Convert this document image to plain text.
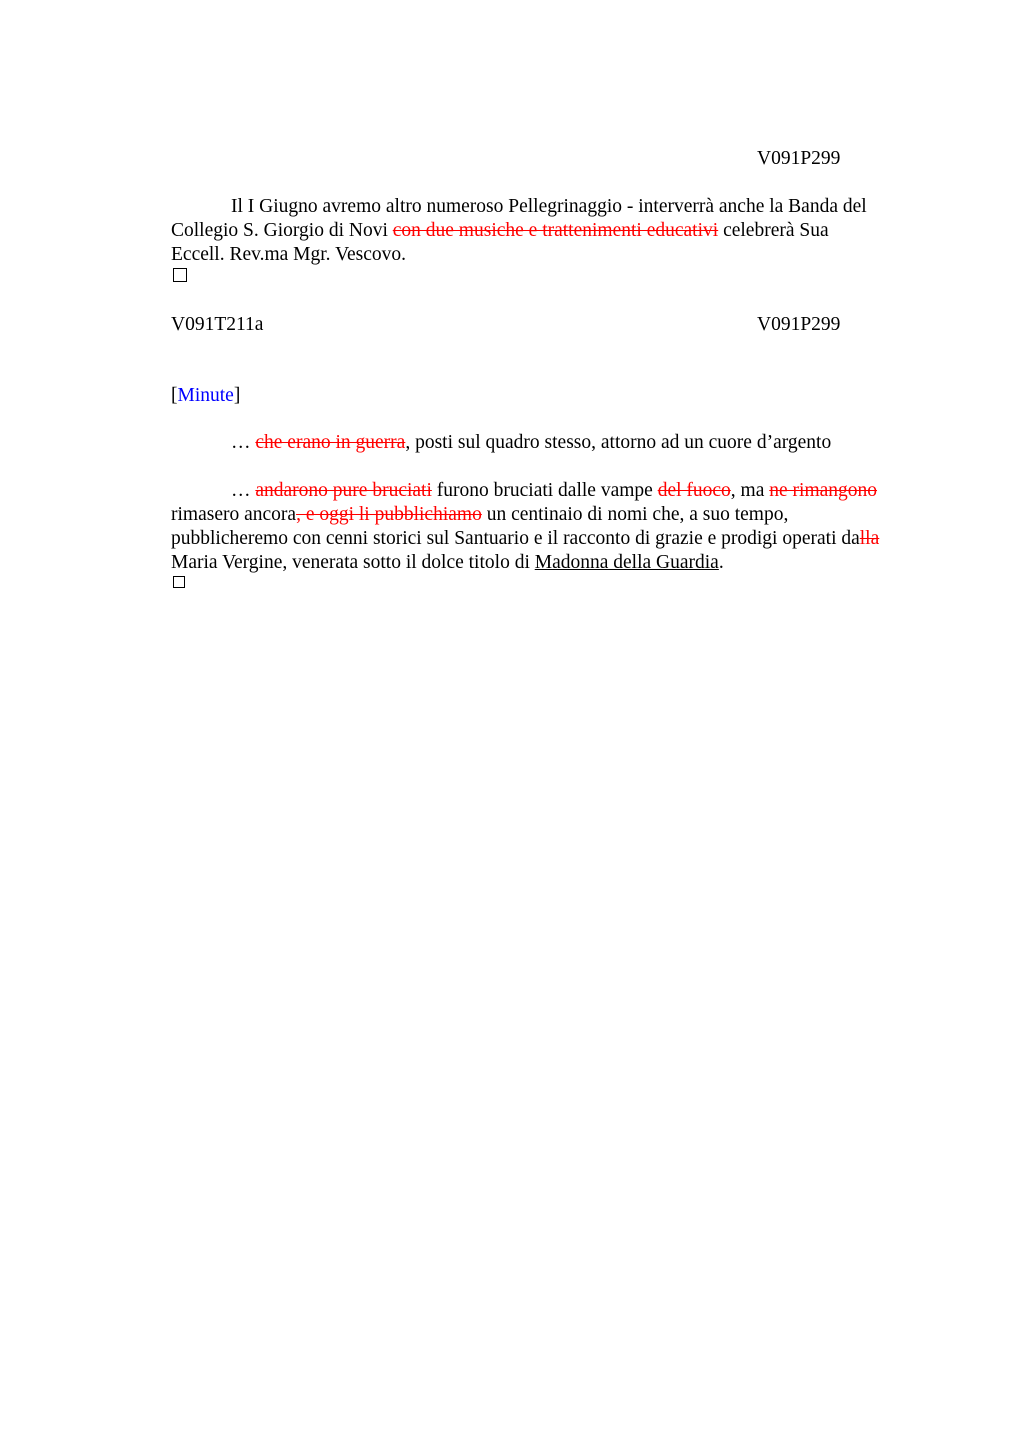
V091P299
Il I Giugno avremo altro numeroso Pellegrinaggio - interverrà anche la Banda del
Collegio S. Giorgio di Novi con due musiche e trattenimenti educativi celebrerà Sua
Eccell. Rev.ma Mgr. Vescovo.
V091T211a	V091P299
[Minute]
… che erano in guerra, posti sul quadro stesso, attorno ad un cuore d’argento
… andarono pure bruciati furono bruciati dalle vampe del fuoco, ma ne rimangono
rimasero ancora, e oggi li pubblichiamo un centinaio di nomi che, a suo tempo,
pubblicheremo con cenni storici sul Santuario e il racconto di grazie e prodigi operati dalla
Maria Vergine, venerata sotto il dolce titolo di Madonna della Guardia.
